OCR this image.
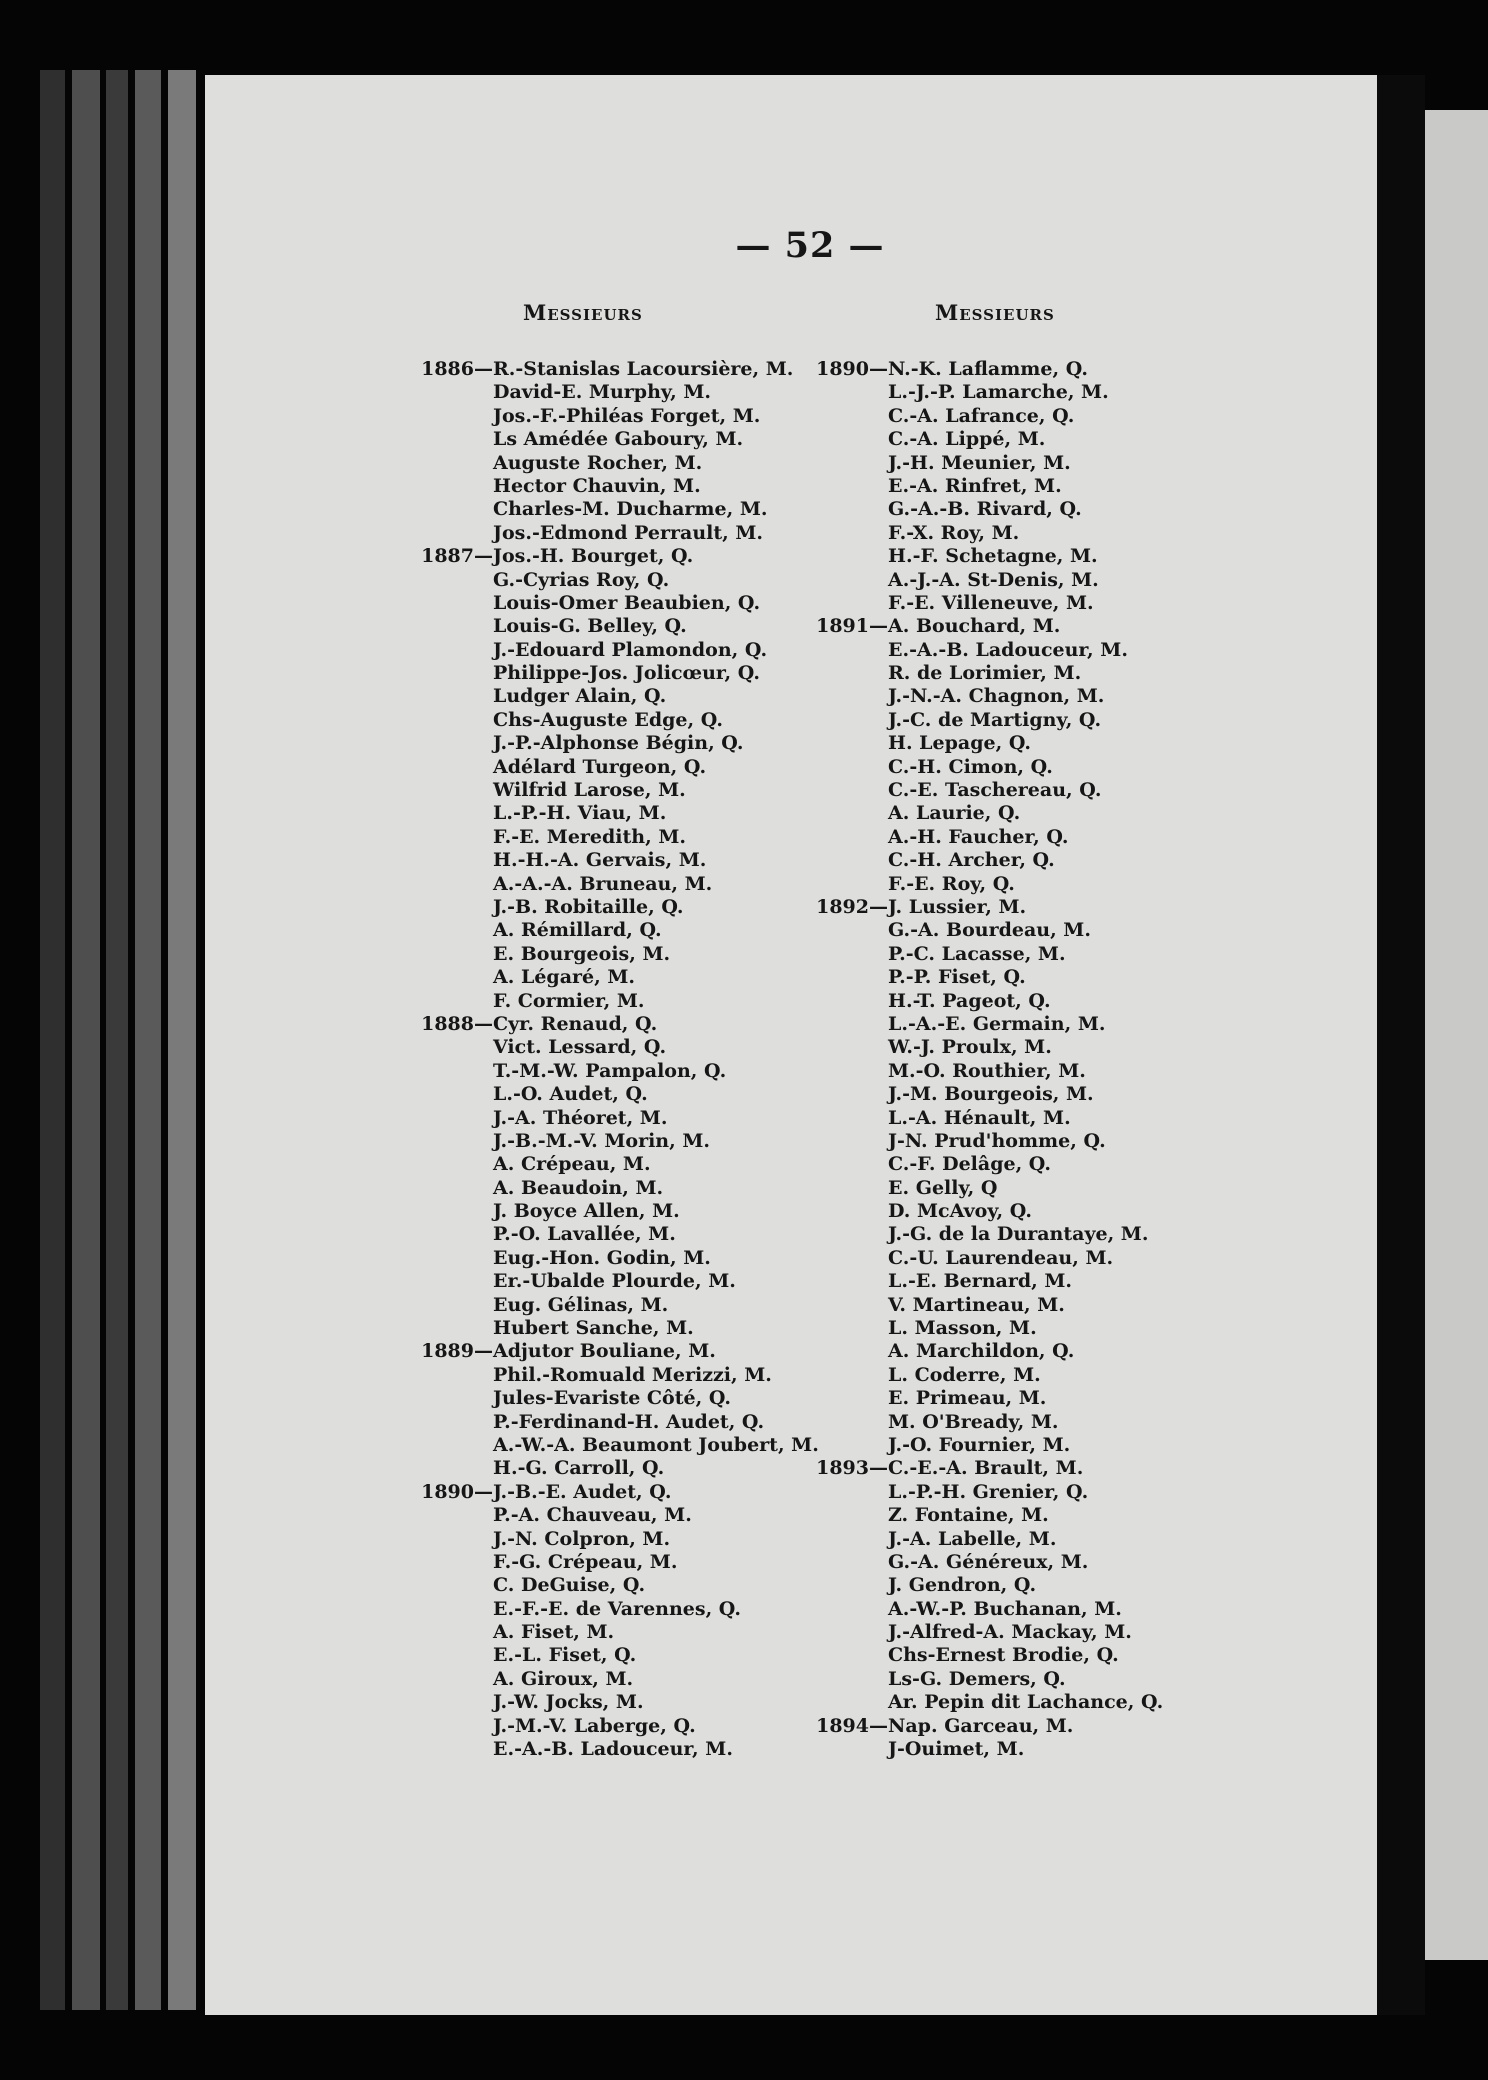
— 52 —
Messieurs	Messieurs
1886—R.-Stanislas Lacoursière, M.
David-E. Murphy, M.
Jos.-F.-Philéas Forget, M.
Ls Amédée Gaboury, M.
Auguste Rocher, M.
Hector Chauvin, M.
Charles-M. Ducharme, M.
Jos.-Edmond Perrault, M.
1887—Jos.-H. Bourget, Q.
G.-Cyrias Roy, Q.
Louis-Omer Beaubien, Q.
Louis-G. Belley, Q.
J.-Edouard Plamondon, Q.
Philippe-Jos. Jolicœur, Q.
Ludger Alain, Q.
Chs-Auguste Edge, Q.
J.-P.-Alphonse Bégin, Q.
Adélard Turgeon, Q.
Wilfrid Larose, M.
L.-P.-H. Viau, M.
F.-E. Meredith, M.
H.-H.-A. Gervais, M.
A.-A.-A. Bruneau, M.
J.-B. Robitaille, Q.
A. Rémillard, Q.
E. Bourgeois, M.
A. Légaré, M.
F. Cormier, M.
1888—Cyr. Renaud, Q.
Vict. Lessard, Q.
T.-M.-W. Pampalon, Q.
L.-O. Audet, Q.
J.-A. Théoret, M.
J.-B.-M.-V. Morin, M.
A. Crépeau, M.
A. Beaudoin, M.
J. Boyce Allen, M.
P.-O. Lavallée, M.
Eug.-Hon. Godin, M.
Er.-Ubalde Plourde, M.
Eug. Gélinas, M.
Hubert Sanche, M.
1889—Adjutor Bouliane, M.
Phil.-Romuald Merizzi, M.
Jules-Evariste Côté, Q.
P.-Ferdinand-H. Audet, Q.
A.-W.-A. Beaumont Joubert, M.
H.-G. Carroll, Q.
1890—J.-B.-E. Audet, Q.
P.-A. Chauveau, M.
J.-N. Colpron, M.
F.-G. Crépeau, M.
C. DeGuise, Q.
E.-F.-E. de Varennes, Q.
A. Fiset, M.
E.-L. Fiset, Q.
A. Giroux, M.
J.-W. Jocks, M.
J.-M.-V. Laberge, Q.
E.-A.-B. Ladouceur, M.
1890—N.-K. Laflamme, Q.
L.-J.-P. Lamarche, M.
C.-A. Lafrance, Q.
C.-A. Lippé, M.
J.-H. Meunier, M.
E.-A. Rinfret, M.
G.-A.-B. Rivard, Q.
F.-X. Roy, M.
H.-F. Schetagne, M.
A.-J.-A. St-Denis, M.
F.-E. Villeneuve, M.
1891—A. Bouchard, M.
E.-A.-B. Ladouceur, M.
R. de Lorimier, M.
J.-N.-A. Chagnon, M.
J.-C. de Martigny, Q.
H. Lepage, Q.
C.-H. Cimon, Q.
C.-E. Taschereau, Q.
A. Laurie, Q.
A.-H. Faucher, Q.
C.-H. Archer, Q.
F.-E. Roy, Q.
1892—J. Lussier, M.
G.-A. Bourdeau, M.
P.-C. Lacasse, M.
P.-P. Fiset, Q.
H.-T. Pageot, Q.
L.-A.-E. Germain, M.
W.-J. Proulx, M.
M.-O. Routhier, M.
J.-M. Bourgeois, M.
L.-A. Hénault, M.
J-N. Prud'homme, Q.
C.-F. Delâge, Q.
E. Gelly, Q
D. McAvoy, Q.
J.-G. de la Durantaye, M.
C.-U. Laurendeau, M.
L.-E. Bernard, M.
V. Martineau, M.
L. Masson, M.
A. Marchildon, Q.
L. Coderre, M.
E. Primeau, M.
M. O'Bready, M.
J.-O. Fournier, M.
1893—C.-E.-A. Brault, M.
L.-P.-H. Grenier, Q.
Z. Fontaine, M.
J.-A. Labelle, M.
G.-A. Généreux, M.
J. Gendron, Q.
A.-W.-P. Buchanan, M.
J.-Alfred-A. Mackay, M.
Chs-Ernest Brodie, Q.
Ls-G. Demers, Q.
Ar. Pepin dit Lachance, Q.
1894—Nap. Garceau, M.
J-Ouimet, M.
